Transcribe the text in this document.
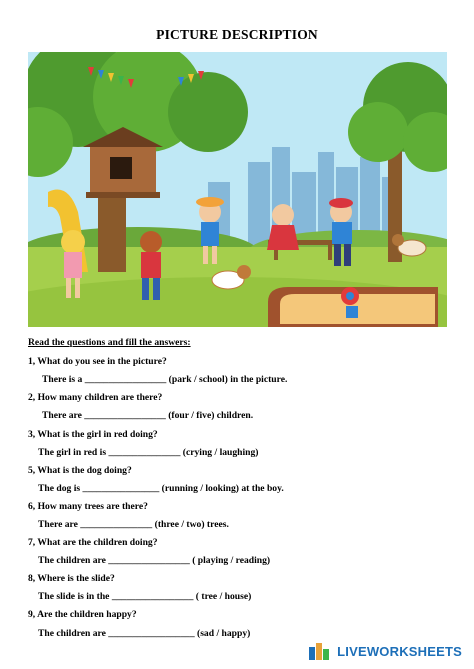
PICTURE DESCRIPTION
Read the questions and fill the answers:
1, What do you see in the picture?
There is a _________________ (park / school) in the picture.
2, How many children are there?
There are _________________ (four / five) children.
3, What is the girl in red doing?
The girl in red is _______________ (crying / laughing)
5, What is the dog doing?
The dog is ________________ (running / looking) at the boy.
6, How many trees are there?
There are _______________ (three / two) trees.
7, What are the children doing?
The children are _________________ ( playing / reading)
8, Where is the slide?
The slide is in the _________________ ( tree / house)
9, Are the children happy?
The children are __________________ (sad / happy)
LIVEWORKSHEETS
